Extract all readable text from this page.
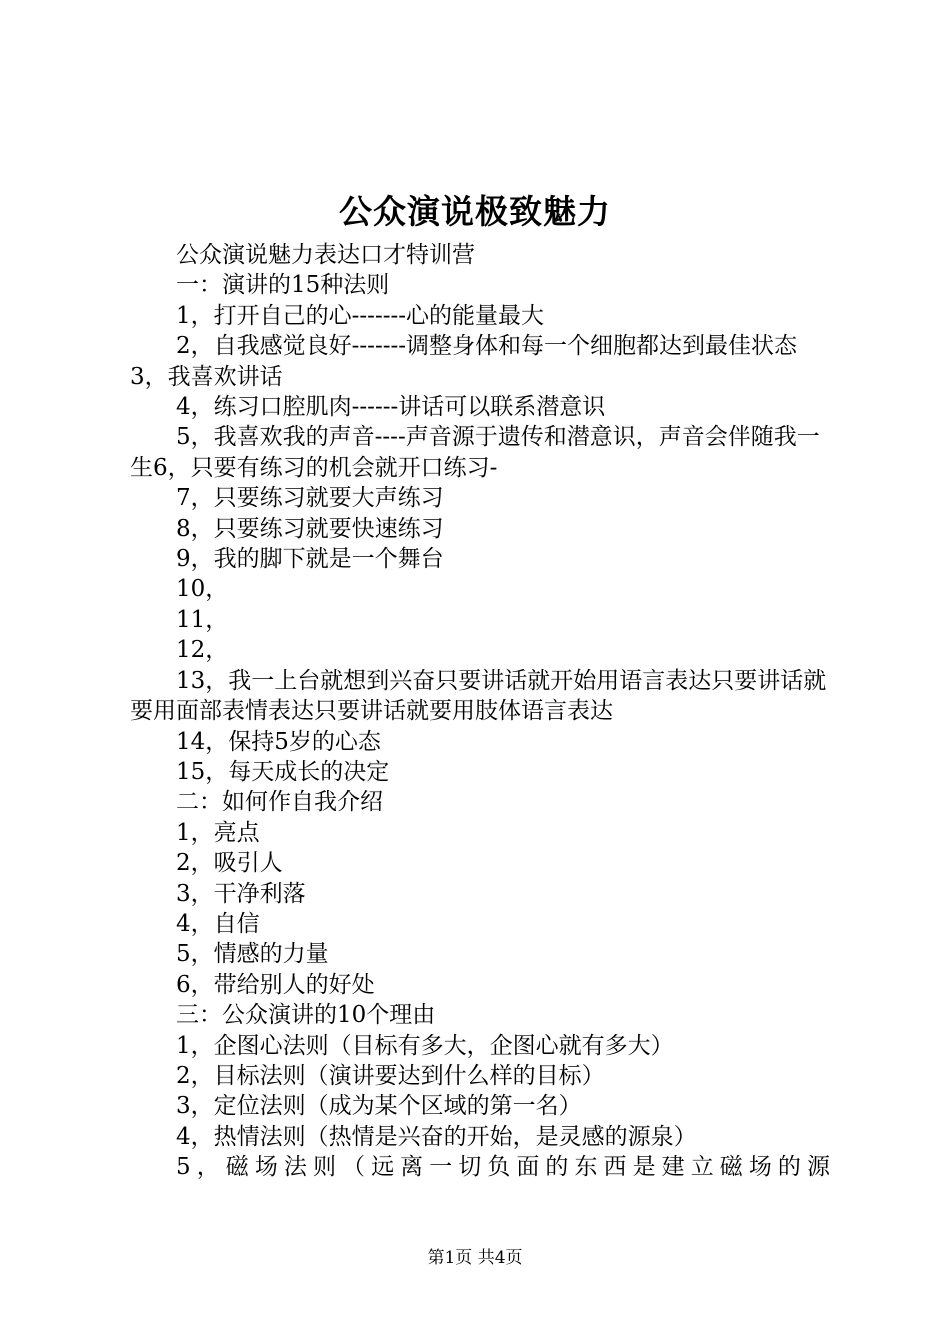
公众演说极致魅力

公众演说魅力表达口才特训营

一：演讲的15种法则

1，打开自己的心-------心的能量最大

2，自我感觉良好-------调整身体和每一个细胞都达到最佳状态3，我喜欢讲话

4，练习口腔肌肉------讲话可以联系潜意识

5，我喜欢我的声音----声音源于遗传和潜意识，声音会伴随我一生6，只要有练习的机会就开口练习-

7，只要练习就要大声练习

8，只要练习就要快速练习

9，我的脚下就是一个舞台

10，

11，

12，

13，我一上台就想到兴奋只要讲话就开始用语言表达只要讲话就要用面部表情表达只要讲话就要用肢体语言表达

14，保持5岁的心态

15，每天成长的决定

二：如何作自我介绍

1，亮点

2，吸引人

3，干净利落

4，自信

5，情感的力量

6，带给别人的好处

三：公众演讲的10个理由

1，企图心法则（目标有多大，企图心就有多大）

2，目标法则（演讲要达到什么样的目标）

3，定位法则（成为某个区域的第一名）

4，热情法则（热情是兴奋的开始，是灵感的源泉）

5，磁场法则（远离一切负面的东西是建立磁场的源

第1页 共4页
